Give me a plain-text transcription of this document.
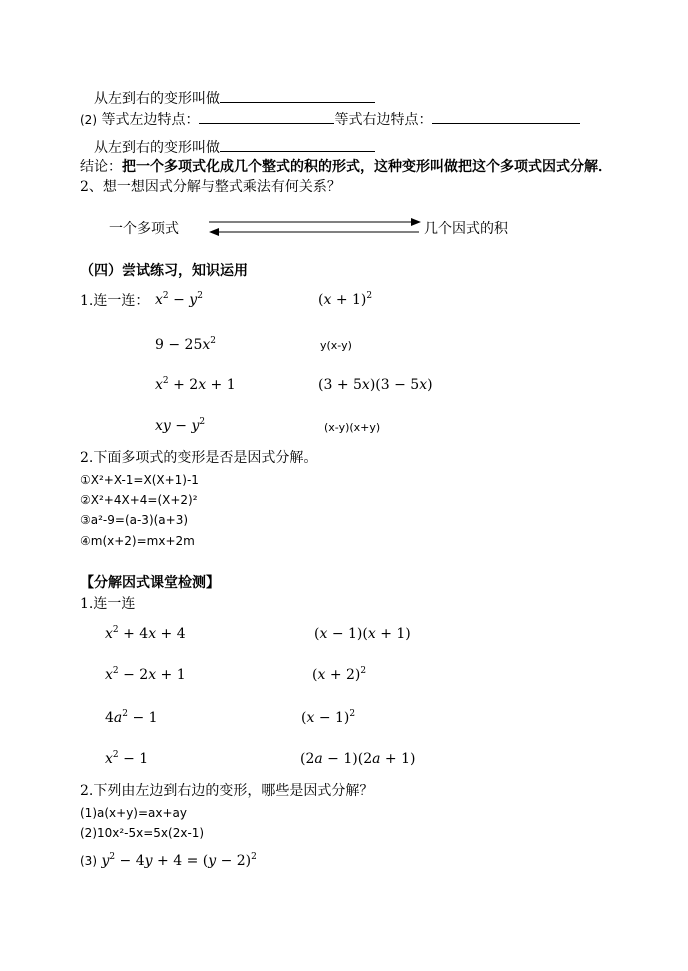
从左到右的变形叫做
(2) 等式左边特点：	等式右边特点：
从左到右的变形叫做
结论：把一个多项式化成几个整式的积的形式，这种变形叫做把这个多项式因式分解．
2、想一想因式分解与整式乘法有何关系？
一个多项式	几个因式的积
（四）尝试练习，知识运用
1.连一连： $x^2 - y^2$	$(x + 1)^2$
$9 - 25x^2$	y(x-y)
$x^2 + 2x + 1$	(3 + 5x)(3 − 5x)
xy − $y^2$	(x-y)(x+y)
2.下面多项式的变形是否是因式分解。
①X²+X-1=X(X+1)-1
②X²+4X+4=(X+2)²
③a²-9=(a-3)(a+3)
④m(x+2)=mx+2m
【分解因式课堂检测】
1.连一连
$x^2 + 4x + 4$	(x − 1)(x + 1)
$x^2 - 2x + 1$	$(x + 2)^2$
$4a^2 - 1$	$(x - 1)^2$
$x^2 - 1$	(2a − 1)(2a + 1)
2.下列由左边到右边的变形，哪些是因式分解？
(1)a(x+y)=ax+ay
(2)10x²-5x=5x(2x-1)
(3) $y^2 - 4y + 4 = (y - 2)^2$
